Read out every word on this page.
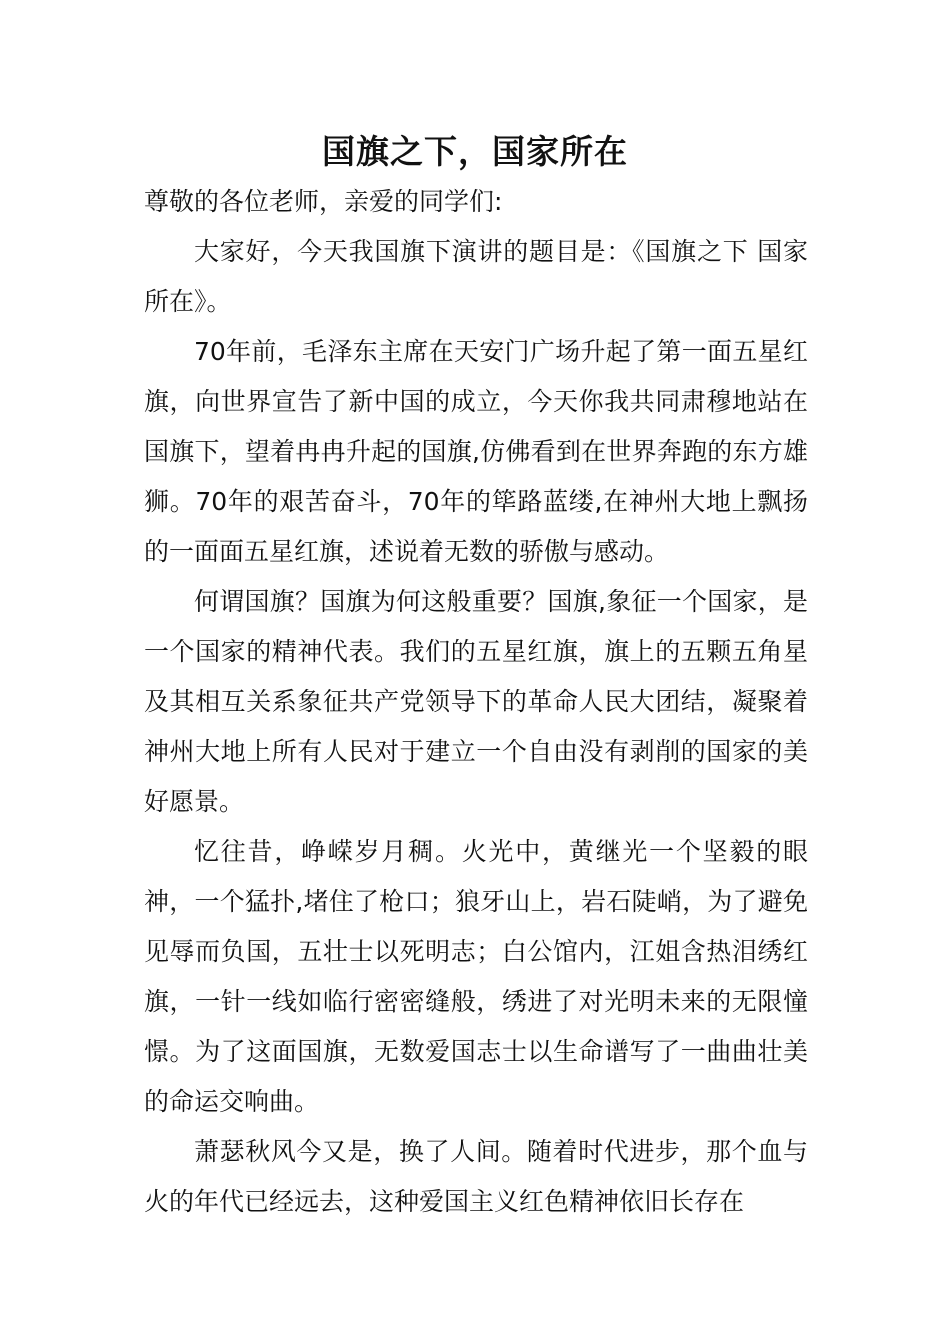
国旗之下，国家所在

尊敬的各位老师，亲爱的同学们:

大家好，今天我国旗下演讲的题目是：《国旗之下 国家所在》。

70年前，毛泽东主席在天安门广场升起了第一面五星红旗，向世界宣告了新中国的成立，今天你我共同肃穆地站在国旗下，望着冉冉升起的国旗,仿佛看到在世界奔跑的东方雄狮。70年的艰苦奋斗，70年的筚路蓝缕,在神州大地上飘扬的一面面五星红旗，述说着无数的骄傲与感动。

何谓国旗？国旗为何这般重要？国旗,象征一个国家，是一个国家的精神代表。我们的五星红旗，旗上的五颗五角星及其相互关系象征共产党领导下的革命人民大团结，凝聚着神州大地上所有人民对于建立一个自由没有剥削的国家的美好愿景。

忆往昔，峥嵘岁月稠。火光中，黄继光一个坚毅的眼神，一个猛扑,堵住了枪口；狼牙山上，岩石陡峭，为了避免见辱而负国，五壮士以死明志；白公馆内，江姐含热泪绣红旗，一针一线如临行密密缝般，绣进了对光明未来的无限憧憬。为了这面国旗，无数爱国志士以生命谱写了一曲曲壮美的命运交响曲。

萧瑟秋风今又是，换了人间。随着时代进步，那个血与火的年代已经远去，这种爱国主义红色精神依旧长存在
